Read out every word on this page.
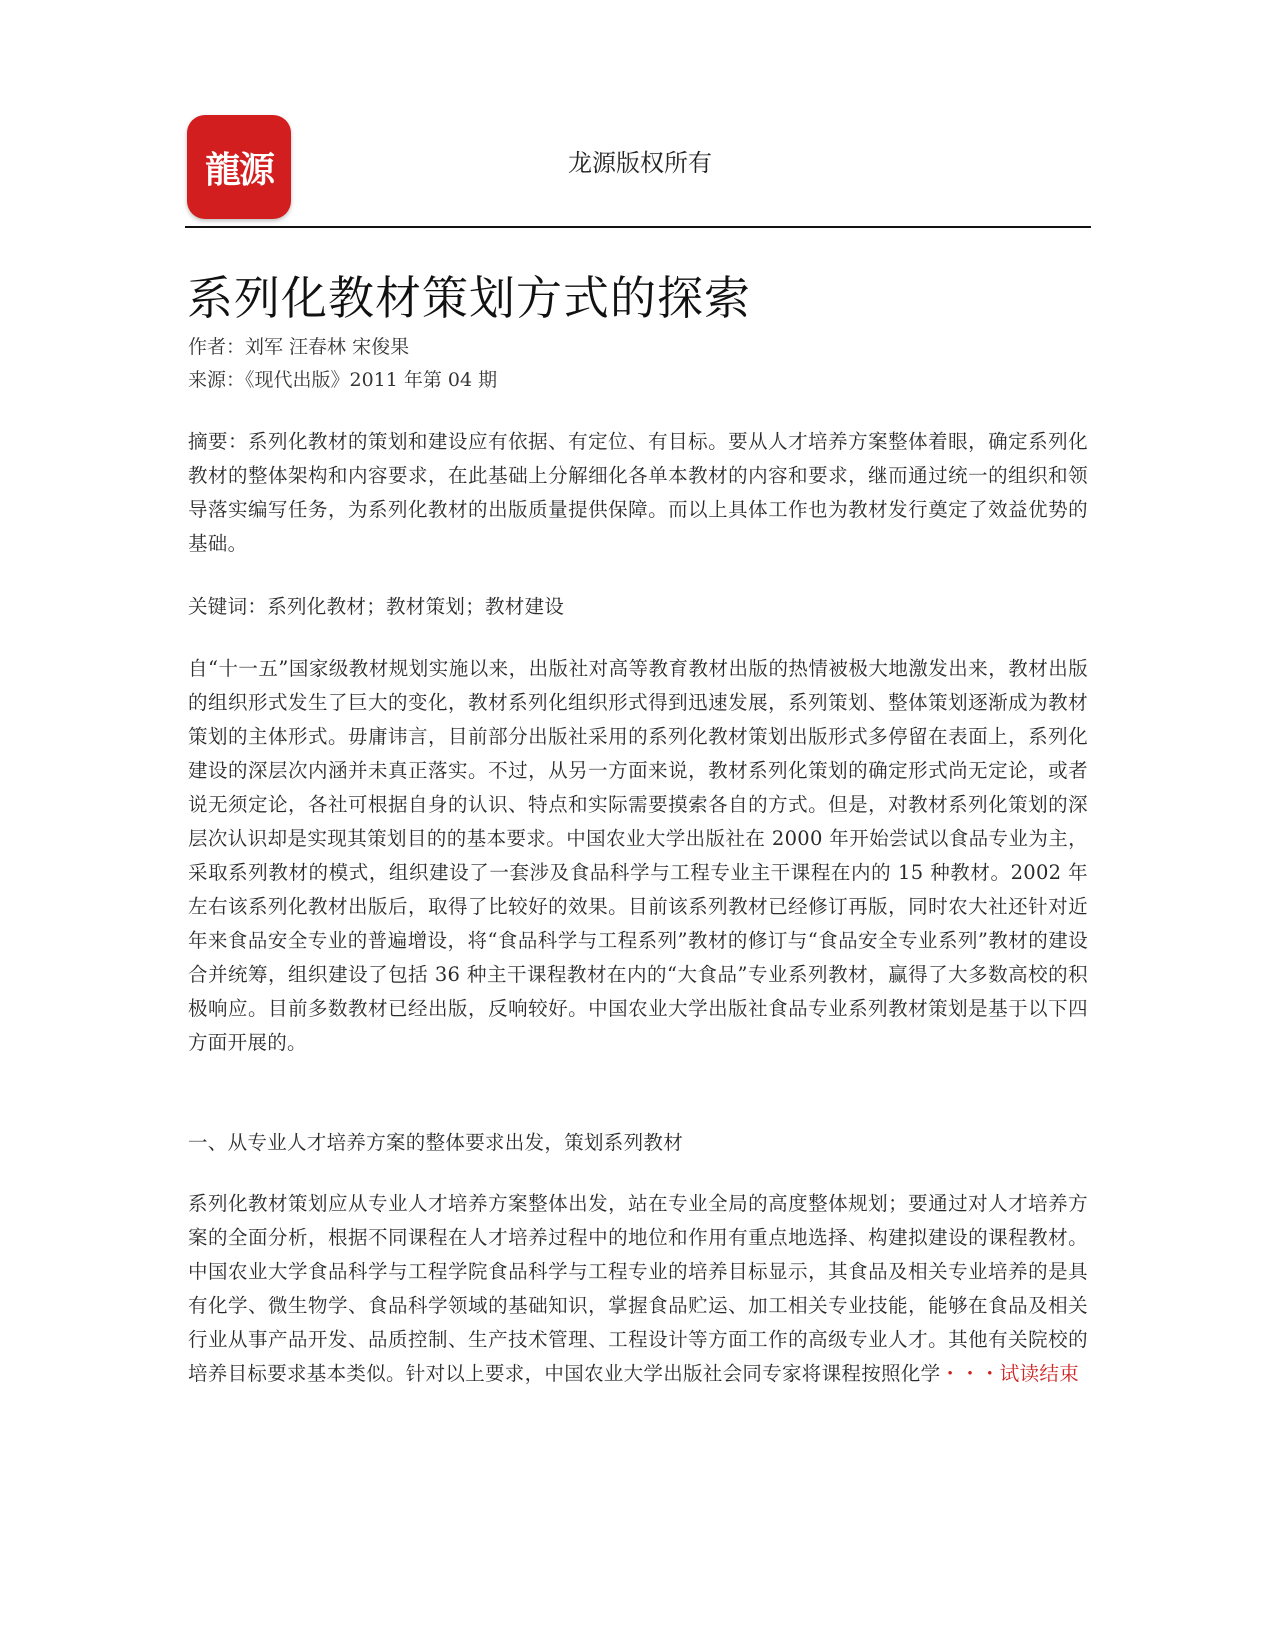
龍源	龙源版权所有
系列化教材策划方式的探索
作者：刘军 汪春林 宋俊果
来源：《现代出版》2011 年第 04 期

摘要：系列化教材的策划和建设应有依据、有定位、有目标。要从人才培养方案整体着眼，确定系列化教材的整体架构和内容要求，在此基础上分解细化各单本教材的内容和要求，继而通过统一的组织和领导落实编写任务，为系列化教材的出版质量提供保障。而以上具体工作也为教材发行奠定了效益优势的基础。

关键词：系列化教材；教材策划；教材建设

自“十一五”国家级教材规划实施以来，出版社对高等教育教材出版的热情被极大地激发出来，教材出版的组织形式发生了巨大的变化，教材系列化组织形式得到迅速发展，系列策划、整体策划逐渐成为教材策划的主体形式。毋庸讳言，目前部分出版社采用的系列化教材策划出版形式多停留在表面上，系列化建设的深层次内涵并未真正落实。不过，从另一方面来说，教材系列化策划的确定形式尚无定论，或者说无须定论，各社可根据自身的认识、特点和实际需要摸索各自的方式。但是，对教材系列化策划的深层次认识却是实现其策划目的的基本要求。中国农业大学出版社在 2000 年开始尝试以食品专业为主，采取系列教材的模式，组织建设了一套涉及食品科学与工程专业主干课程在内的 15 种教材。2002 年左右该系列化教材出版后，取得了比较好的效果。目前该系列教材已经修订再版，同时农大社还针对近年来食品安全专业的普遍增设，将“食品科学与工程系列”教材的修订与“食品安全专业系列”教材的建设合并统筹，组织建设了包括 36 种主干课程教材在内的“大食品”专业系列教材，赢得了大多数高校的积极响应。目前多数教材已经出版，反响较好。中国农业大学出版社食品专业系列教材策划是基于以下四方面开展的。

一、从专业人才培养方案的整体要求出发，策划系列教材

系列化教材策划应从专业人才培养方案整体出发，站在专业全局的高度整体规划；要通过对人才培养方案的全面分析，根据不同课程在人才培养过程中的地位和作用有重点地选择、构建拟建设的课程教材。中国农业大学食品科学与工程学院食品科学与工程专业的培养目标显示，其食品及相关专业培养的是具有化学、微生物学、食品科学领域的基础知识，掌握食品贮运、加工相关专业技能，能够在食品及相关行业从事产品开发、品质控制、生产技术管理、工程设计等方面工作的高级专业人才。其他有关院校的培养目标要求基本类似。针对以上要求，中国农业大学出版社会同专家将课程按照化学・・・试读结束
